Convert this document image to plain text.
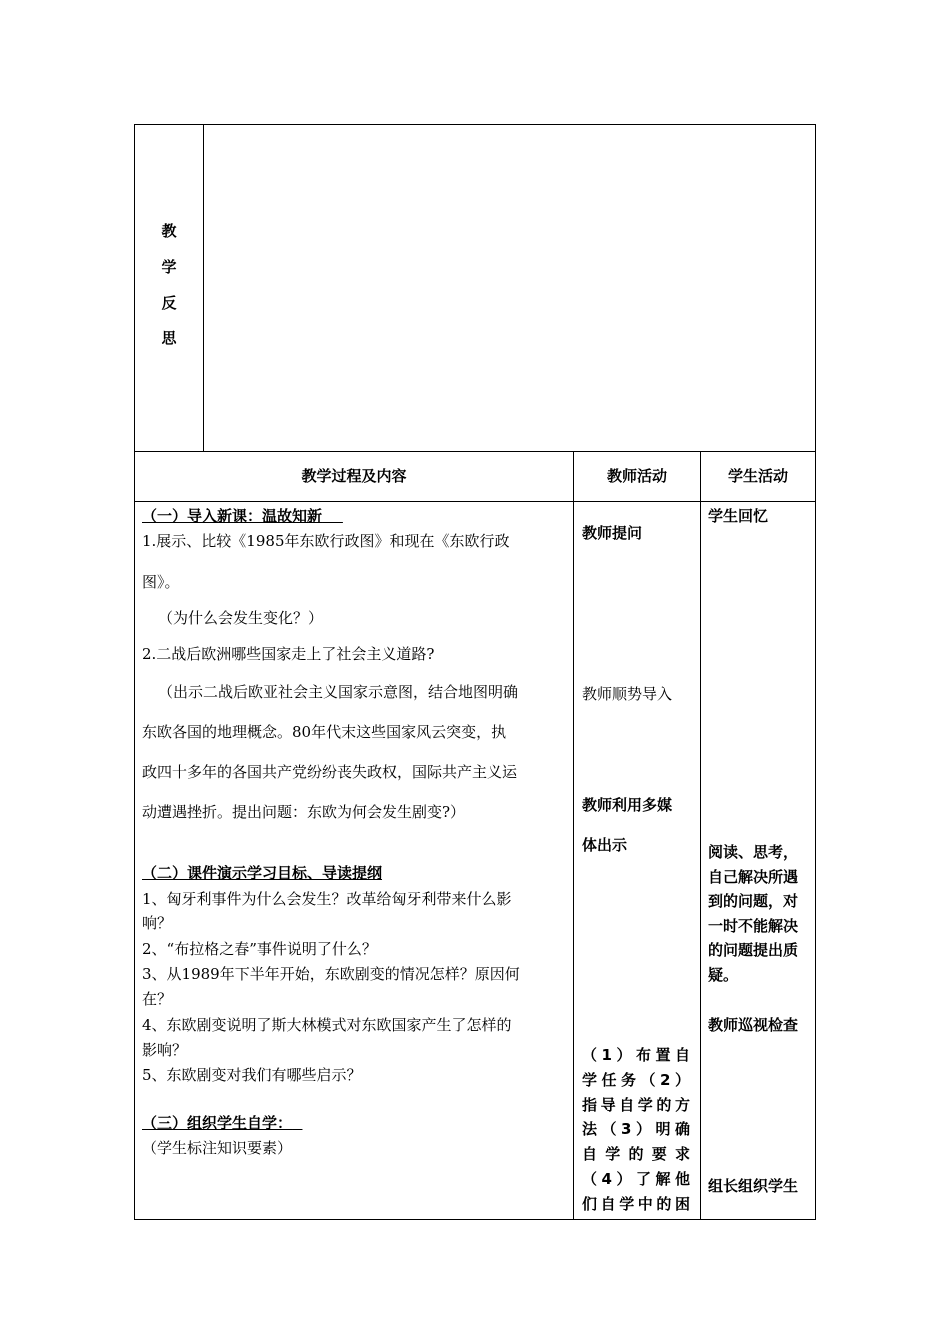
教
学
反
思
教学过程及内容	教师活动	学生活动
（一）导入新课：温故知新
1.展示、比较《1985年东欧行政图》和现在《东欧行政
图》。
（为什么会发生变化？）
2.二战后欧洲哪些国家走上了社会主义道路?
（出示二战后欧亚社会主义国家示意图，结合地图明确
东欧各国的地理概念。80年代末这些国家风云突变，执
政四十多年的各国共产党纷纷丧失政权，国际共产主义运
动遭遇挫折。提出问题：东欧为何会发生剧变?）
（二）课件演示学习目标、导读提纲
1、匈牙利事件为什么会发生？改革给匈牙利带来什么影
响？
2、“布拉格之春”事件说明了什么？
3、从1989年下半年开始，东欧剧变的情况怎样？原因何
在？
4、东欧剧变说明了斯大林模式对东欧国家产生了怎样的
影响？
5、东欧剧变对我们有哪些启示？
（三）组织学生自学：
（学生标注知识要素）
教师提问
教师顺势导入
教师利用多媒
体出示
（1）布置自
学任务（2）
指导自学的方
法（3）明确
自学的要求
（4）了解他
们自学中的困
学生回忆
阅读、思考，
自己解决所遇
到的问题，对
一时不能解决
的问题提出质
疑。
教师巡视检查
组长组织学生
